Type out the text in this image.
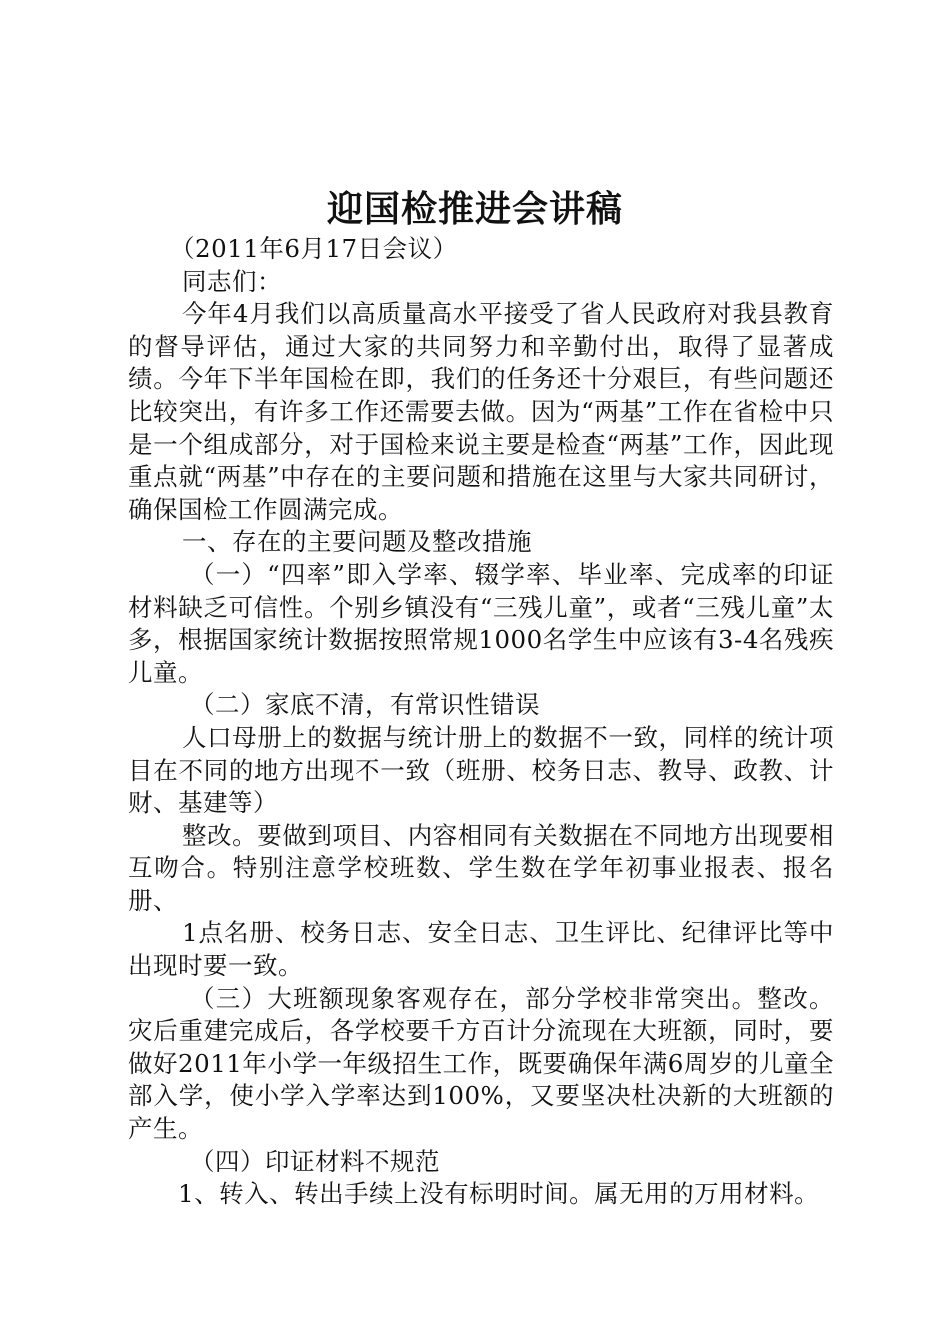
迎国检推进会讲稿

（2011年6月17日会议）

同志们：

今年4月我们以高质量高水平接受了省人民政府对我县教育的督导评估，通过大家的共同努力和辛勤付出，取得了显著成绩。今年下半年国检在即，我们的任务还十分艰巨，有些问题还比较突出，有许多工作还需要去做。因为“两基”工作在省检中只是一个组成部分，对于国检来说主要是检查“两基”工作，因此现重点就“两基”中存在的主要问题和措施在这里与大家共同研讨，确保国检工作圆满完成。

一、存在的主要问题及整改措施

（一）“四率”即入学率、辍学率、毕业率、完成率的印证材料缺乏可信性。个别乡镇没有“三残儿童”，或者“三残儿童”太多，根据国家统计数据按照常规1000名学生中应该有3-4名残疾儿童。

（二）家底不清，有常识性错误

人口母册上的数据与统计册上的数据不一致，同样的统计项目在不同的地方出现不一致（班册、校务日志、教导、政教、计财、基建等）

整改。要做到项目、内容相同有关数据在不同地方出现要相互吻合。特别注意学校班数、学生数在学年初事业报表、报名册、

1点名册、校务日志、安全日志、卫生评比、纪律评比等中出现时要一致。

（三）大班额现象客观存在，部分学校非常突出。整改。灾后重建完成后，各学校要千方百计分流现在大班额，同时，要做好2011年小学一年级招生工作，既要确保年满6周岁的儿童全部入学，使小学入学率达到100%，又要坚决杜决新的大班额的产生。

（四）印证材料不规范

1、转入、转出手续上没有标明时间。属无用的万用材料。
